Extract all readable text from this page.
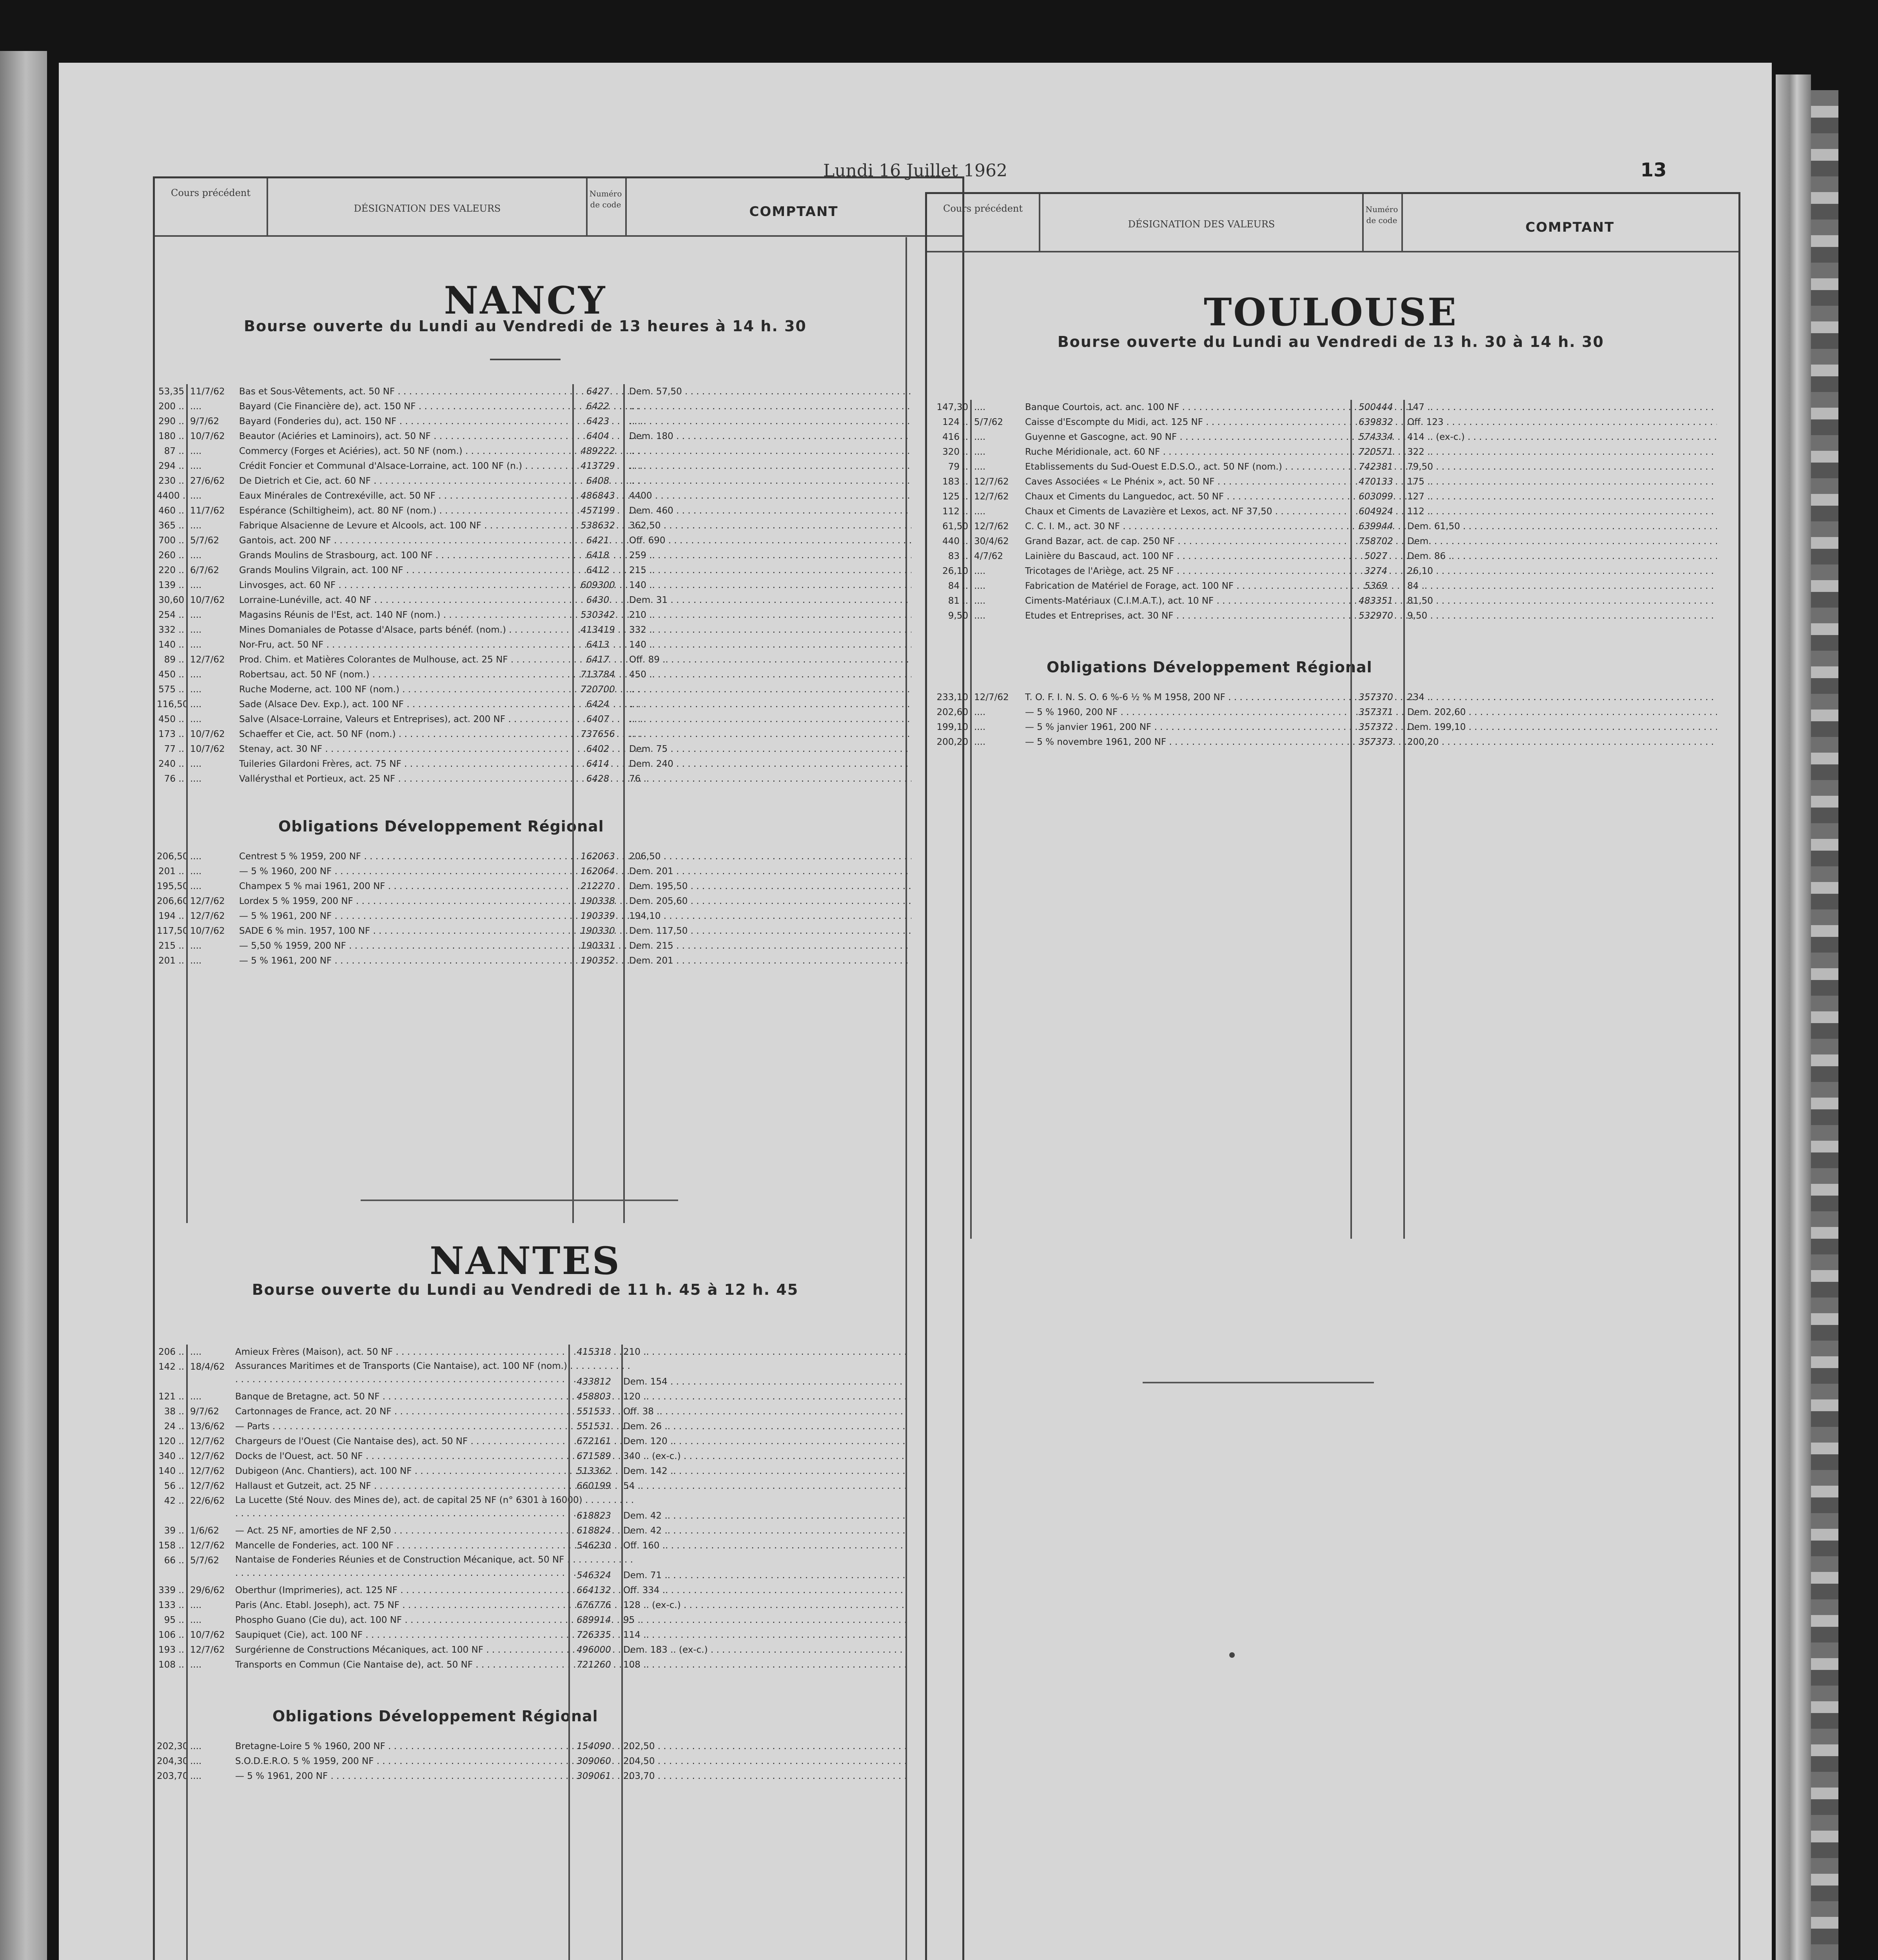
Lundi 16 Juillet 1962	13
Cours précédent
DÉSIGNATION DES VALEURS
Numéro de code	COMPTANT	Cours précédent
DÉSIGNATION DES VALEURS
Numéro de code	COMPTANT
NANCY
Bourse ouverte du Lundi au Vendredi de 13 heures à 14 h. 30
53,35 11/7/62	Bas et Sous-Vêtements, act. 50 NF . . .	6427	Dem. 57,50 . . .
200 .. ....	Bayard (Cie Financière de), act. 150 NF . . .	6422	.. . . .
290 .. 9/7/62	Bayard (Fonderies du), act. 150 NF . . .	6423	.. . . .
180 .. 10/7/62	Beautor (Aciéries et Laminoirs), act. 50 NF . . .	6404	Dem. 180 . . .
87 .. ....	Commercy (Forges et Aciéries), act. 50 NF (nom.) . . .	489222	.. . . .
294 .. ....	Crédit Foncier et Communal d'Alsace-Lorraine, act. 100 NF (n.) . . .	413729	.. . . .
230 .. 27/6/62	De Dietrich et Cie, act. 60 NF . . .	6408	.. . . .
4400 .. ....	Eaux Minérales de Contrexéville, act. 50 NF . . .	486843	4400 . . .
460 .. 11/7/62	Espérance (Schiltigheim), act. 80 NF (nom.) . . .	457199	Dem. 460 . . .
365 .. ....	Fabrique Alsacienne de Levure et Alcools, act. 100 NF . . .	538632	362,50 . . .
700 .. 5/7/62	Gantois, act. 200 NF . . .	6421	Off. 690 . . .
260 .. ....	Grands Moulins de Strasbourg, act. 100 NF . . .	6418	259 .. . . .
220 .. 6/7/62	Grands Moulins Vilgrain, act. 100 NF . . .	6412	215 .. . . .
139 .. ....	Linvosges, act. 60 NF . . .	609300	140 .. . . .
30,60 10/7/62	Lorraine-Lunéville, act. 40 NF . . .	6430	Dem. 31 . . .
254 .. ....	Magasins Réunis de l'Est, act. 140 NF (nom.) . . .	530342	210 .. . . .
332 .. ....	Mines Domaniales de Potasse d'Alsace, parts bénéf. (nom.) . . .	413419	332 .. . . .
140 .. ....	Nor-Fru, act. 50 NF . . .	6413	140 .. . . .
89 .. 12/7/62	Prod. Chim. et Matières Colorantes de Mulhouse, act. 25 NF . . .	6417	Off. 89 .. . . .
450 .. ....	Robertsau, act. 50 NF (nom.) . . .	713784	450 .. . . .
575 .. ....	Ruche Moderne, act. 100 NF (nom.) . . .	720700	.. . . .
116,50 ....	Sade (Alsace Dev. Exp.), act. 100 NF . . .	6424	.. . . .
450 .. ....	Salve (Alsace-Lorraine, Valeurs et Entreprises), act. 200 NF . . .	6407	.. . . .
173 .. 10/7/62	Schaeffer et Cie, act. 50 NF (nom.) . . .	737656	.. . . .
77 .. 10/7/62	Stenay, act. 30 NF . . .	6402	Dem. 75 . . .
240 .. ....	Tuileries Gilardoni Frères, act. 75 NF . . .	6414	Dem. 240 . . .
76 .. ....	Vallérysthal et Portieux, act. 25 NF . . .	6428	76 .. . . .
Obligations Développement Régional
206,50 ....	Centrest 5 % 1959, 200 NF . . .	162063	206,50 . . .
201 .. ....	— 5 % 1960, 200 NF . . .	162064	Dem. 201 . . .
195,50 ....	Champex 5 % mai 1961, 200 NF . . .	212270	Dem. 195,50 . . .
206,60 12/7/62	Lordex 5 % 1959, 200 NF . . .	190338	Dem. 205,60 . . .
194 .. 12/7/62	— 5 % 1961, 200 NF . . .	190339	194,10 . . .
117,50 10/7/62	SADE 6 % min. 1957, 100 NF . . .	190330	Dem. 117,50 . . .
215 .. ....	— 5,50 % 1959, 200 NF . . .	190331	Dem. 215 . . .
201 .. ....	— 5 % 1961, 200 NF . . .	190352	Dem. 201 . . .
NANTES
Bourse ouverte du Lundi au Vendredi de 11 h. 45 à 12 h. 45
206 .. ....	Amieux Frères (Maison), act. 50 NF . . .	415318	210 .. . . .
142 .. 18/4/62	Assurances Maritimes et de Transports (Cie Nantaise), act. 100 NF (nom.) . . .
433812	Dem. 154 . . .
121 .. ....	Banque de Bretagne, act. 50 NF . . .	458803	120 .. . . .
38 .. 9/7/62	Cartonnages de France, act. 20 NF . . .	551533	Off. 38 .. . . .
24 .. 13/6/62	— Parts . . .	551531	Dem. 26 .. . . .
120 .. 12/7/62	Chargeurs de l'Ouest (Cie Nantaise des), act. 50 NF . . .	672161	Dem. 120 .. . . .
340 .. 12/7/62	Docks de l'Ouest, act. 50 NF . . .	671589	340 .. (ex-c.) . . .
140 .. 12/7/62	Dubigeon (Anc. Chantiers), act. 100 NF . . .	513362	Dem. 142 .. . . .
56 .. 12/7/62	Hallaust et Gutzeit, act. 25 NF . . .	660199	54 .. . . .
42 .. 22/6/62	La Lucette (Sté Nouv. des Mines de), act. de capital 25 NF (n° 6301 à 16000) . . .
618823	Dem. 42 .. . . .
39 .. 1/6/62	— Act. 25 NF, amorties de NF 2,50 . . .	618824	Dem. 42 .. . . .
158 .. 12/7/62	Mancelle de Fonderies, act. 100 NF . . .	546230	Off. 160 .. . . .
66 .. 5/7/62	Nantaise de Fonderies Réunies et de Construction Mécanique, act. 50 NF . . .
546324	Dem. 71 .. . . .
339 .. 29/6/62	Oberthur (Imprimeries), act. 125 NF . . .	664132	Off. 334 .. . . .
133 .. ....	Paris (Anc. Etabl. Joseph), act. 75 NF . . .	676776	128 .. (ex-c.) . . .
95 .. ....	Phospho Guano (Cie du), act. 100 NF . . .	689914	95 .. . . .
106 .. 10/7/62	Saupiquet (Cie), act. 100 NF . . .	726335	114 .. . . .
193 .. 12/7/62	Surgérienne de Constructions Mécaniques, act. 100 NF . . .	496000	Dem. 183 .. (ex-c.) . . .
108 .. ....	Transports en Commun (Cie Nantaise de), act. 50 NF . . .	721260	108 .. . . .
Obligations Développement Régional
202,30 ....	Bretagne-Loire 5 % 1960, 200 NF . . .	154090	202,50 . . .
204,30 ....	S.O.D.E.R.O. 5 % 1959, 200 NF . . .	309060	204,50 . . .
203,70 ....	— 5 % 1961, 200 NF . . .	309061	203,70 . . .
TOULOUSE
Bourse ouverte du Lundi au Vendredi de 13 h. 30 à 14 h. 30
147,30 ....	Banque Courtois, act. anc. 100 NF . . .	500444	147 .. . . .
124 .. 5/7/62	Caisse d'Escompte du Midi, act. 125 NF . . .	639832	Off. 123 . . .
416 .. ....	Guyenne et Gascogne, act. 90 NF . . .	574334	414 .. (ex-c.) . . .
320 .. ....	Ruche Méridionale, act. 60 NF . . .	720571	322 .. . . .
79 .. ....	Etablissements du Sud-Ouest E.D.S.O., act. 50 NF (nom.) . . .	742381	79,50 . . .
183 .. 12/7/62	Caves Associées « Le Phénix », act. 50 NF . . .	470133	175 .. . . .
125 .. 12/7/62	Chaux et Ciments du Languedoc, act. 50 NF . . .	603099	127 .. . . .
112 .. ....	Chaux et Ciments de Lavazière et Lexos, act. NF 37,50 . . .	604924	112 .. . . .
61,50 12/7/62	C. C. I. M., act. 30 NF . . .	639944	Dem. 61,50 . . .
440 .. 30/4/62	Grand Bazar, act. de cap. 250 NF . . .	758702	Dem. . . .
83 .. 4/7/62	Lainière du Bascaud, act. 100 NF . . .	5027	Dem. 86 .. . . .
26,10 ....	Tricotages de l'Ariège, act. 25 NF . . .	3274	26,10 . . .
84 .. ....	Fabrication de Matériel de Forage, act. 100 NF . . .	5369	84 .. . . .
81 .. ....	Ciments-Matériaux (C.I.M.A.T.), act. 10 NF . . .	483351	81,50 . . .
9,50 ....	Etudes et Entreprises, act. 30 NF . . .	532970	9,50 . . .
Obligations Développement Régional
233,10 12/7/62	T. O. F. I. N. S. O. 6 %-6 ½ % M 1958, 200 NF . . .	357370	234 .. . . .
202,60 ....	— 5 % 1960, 200 NF . . .	357371	Dem. 202,60 . . .
199,10 ....	— 5 % janvier 1961, 200 NF . . .	357372	Dem. 199,10 . . .
200,20 ....	— 5 % novembre 1961, 200 NF . . .	357373	200,20 . . .
